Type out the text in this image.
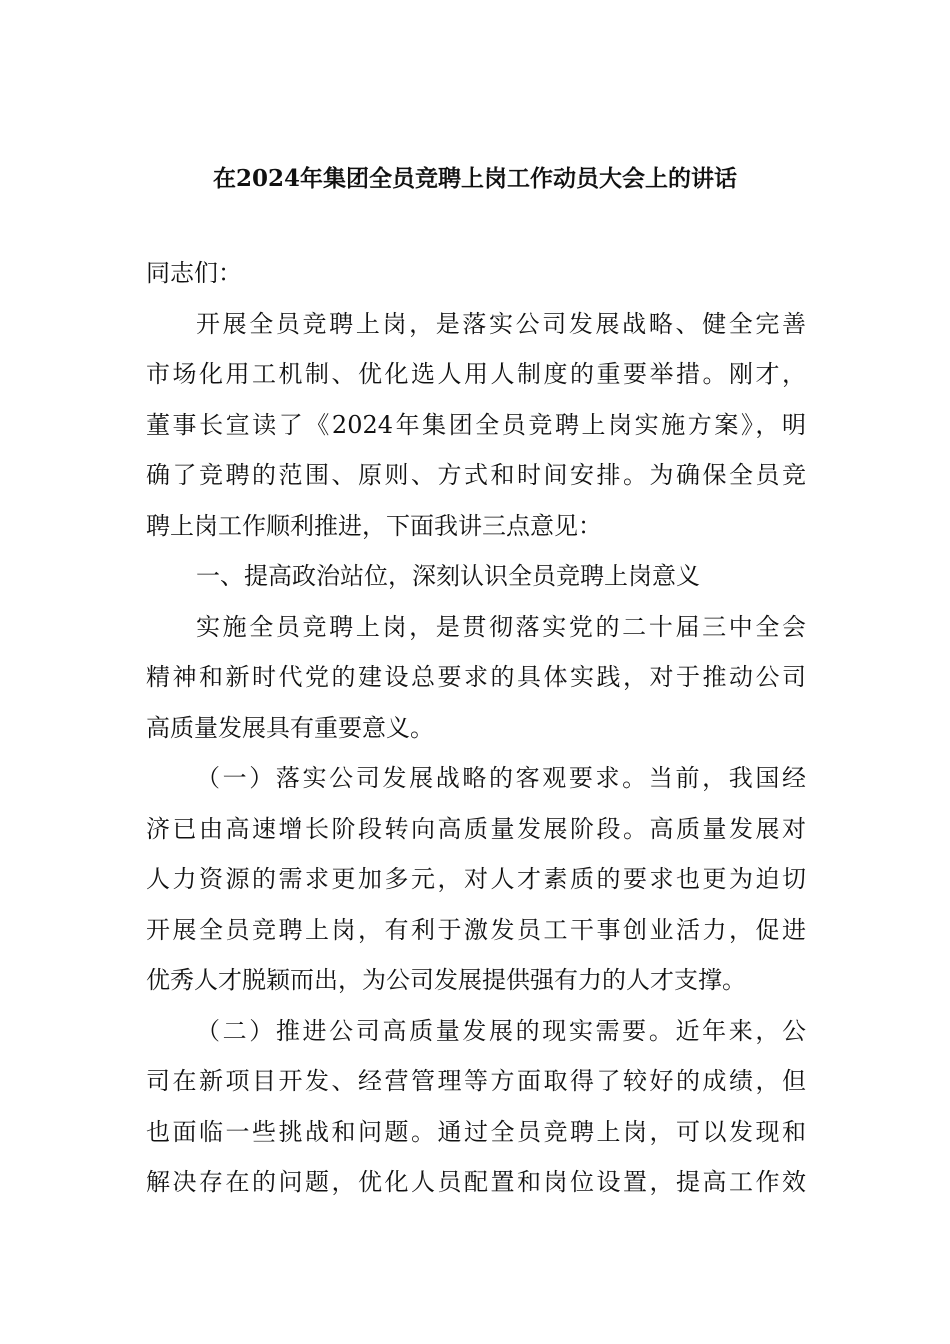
在2024年集团全员竞聘上岗工作动员大会上的讲话
同志们：
开展全员竞聘上岗，是落实公司发展战略、健全完善
市场化用工机制、优化选人用人制度的重要举措。刚才，
董事长宣读了《2024年集团全员竞聘上岗实施方案》，明
确了竞聘的范围、原则、方式和时间安排。为确保全员竞
聘上岗工作顺利推进，下面我讲三点意见：
一、提高政治站位，深刻认识全员竞聘上岗意义
实施全员竞聘上岗，是贯彻落实党的二十届三中全会
精神和新时代党的建设总要求的具体实践，对于推动公司
高质量发展具有重要意义。
（一）落实公司发展战略的客观要求。当前，我国经
济已由高速增长阶段转向高质量发展阶段。高质量发展对
人力资源的需求更加多元，对人才素质的要求也更为迫切
开展全员竞聘上岗，有利于激发员工干事创业活力，促进
优秀人才脱颖而出，为公司发展提供强有力的人才支撑。
（二）推进公司高质量发展的现实需要。近年来，公
司在新项目开发、经营管理等方面取得了较好的成绩，但
也面临一些挑战和问题。通过全员竞聘上岗，可以发现和
解决存在的问题，优化人员配置和岗位设置，提高工作效
